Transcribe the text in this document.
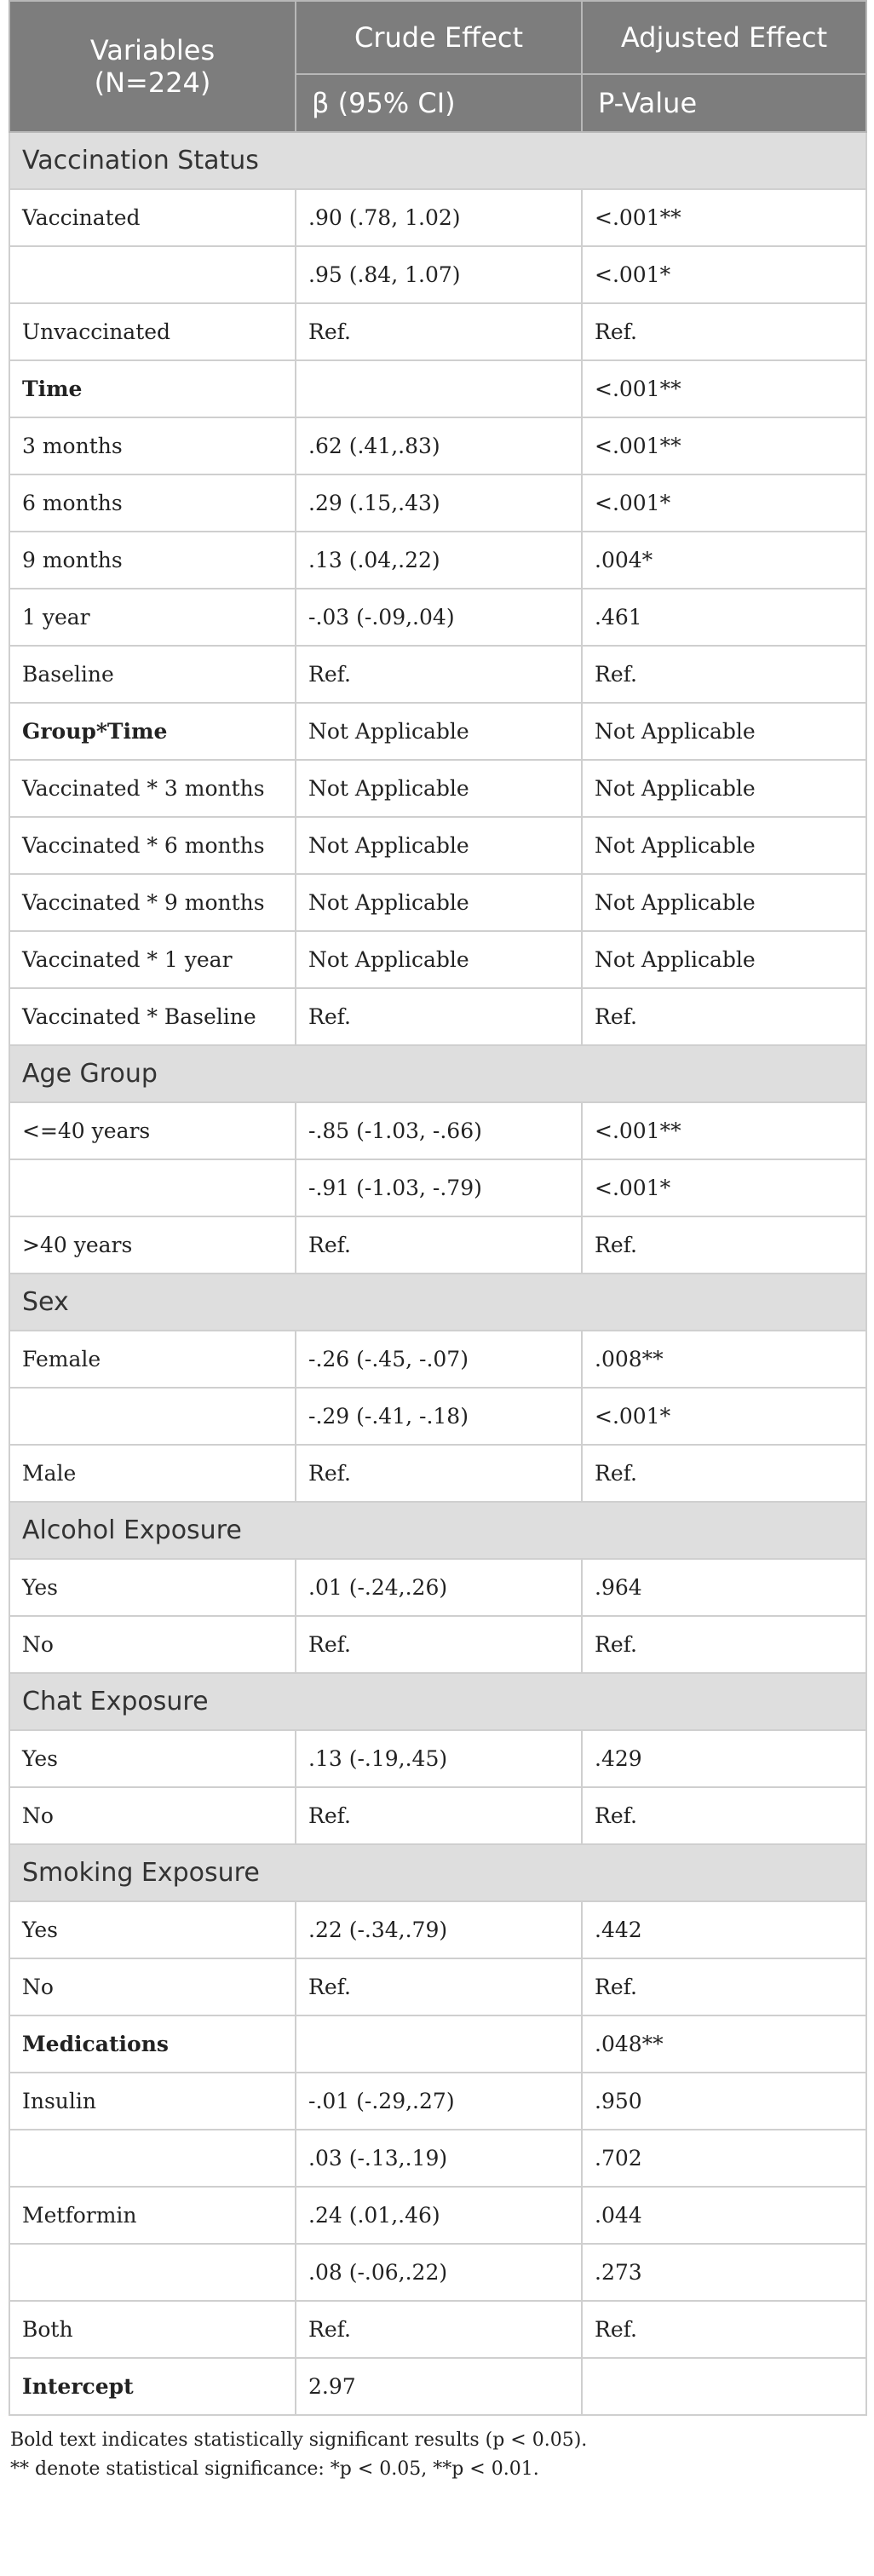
Variables
(N=224)	Crude Effect	Adjusted Effect
	β (95% CI)	P-Value
Vaccination Status		
Vaccinated	.90 (.78, 1.02)	<.001**
	.95 (.84, 1.07)	<.001*
Unvaccinated	Ref.	Ref.
Time		<.001**
3 months	.62 (.41,.83)	<.001**
6 months	.29 (.15,.43)	<.001*
9 months	.13 (.04,.22)	.004*
1 year	-.03 (-.09,.04)	.461
Baseline	Ref.	Ref.
Group*Time	Not Applicable	Not Applicable
Vaccinated * 3 months	Not Applicable	Not Applicable
Vaccinated * 6 months	Not Applicable	Not Applicable
Vaccinated * 9 months	Not Applicable	Not Applicable
Vaccinated * 1 year	Not Applicable	Not Applicable
Vaccinated * Baseline	Ref.	Ref.
Age Group		
<=40 years	-.85 (-1.03, -.66)	<.001**
	-.91 (-1.03, -.79)	<.001*
>40 years	Ref.	Ref.
Sex		
Female	-.26 (-.45, -.07)	.008**
	-.29 (-.41, -.18)	<.001*
Male	Ref.	Ref.
Alcohol Exposure		
Yes	.01 (-.24,.26)	.964
No	Ref.	Ref.
Chat Exposure		
Yes	.13 (-.19,.45)	.429
No	Ref.	Ref.
Smoking Exposure		
Yes	.22 (-.34,.79)	.442
No	Ref.	Ref.
Medications		.048**
Insulin	-.01 (-.29,.27)	.950
	.03 (-.13,.19)	.702
Metformin	.24 (.01,.46)	.044
	.08 (-.06,.22)	.273
Both	Ref.	Ref.
Intercept	2.97	
Bold text indicates statistically significant results (p < 0.05).
** denote statistical significance: *p < 0.05, **p < 0.01.
